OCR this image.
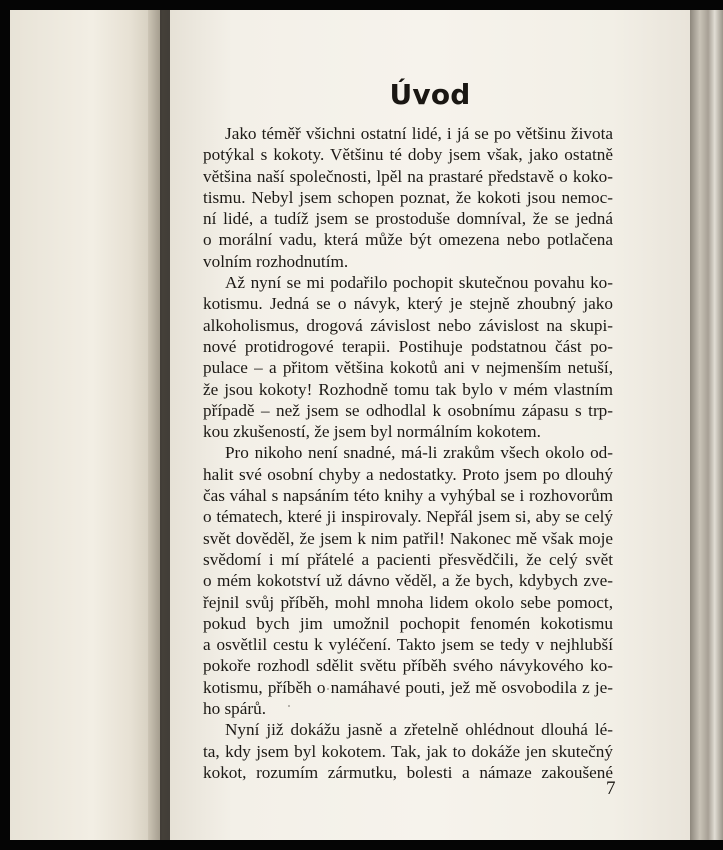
Úvod
Jako téměř všichni ostatní lidé, i já se po většinu života
potýkal s kokoty. Většinu té doby jsem však, jako ostatně
většina naší společnosti, lpěl na prastaré představě o koko-
tismu. Nebyl jsem schopen poznat, že kokoti jsou nemoc-
ní lidé, a tudíž jsem se prostoduše domníval, že se jedná
o morální vadu, která může být omezena nebo potlačena
volním rozhodnutím.
Až nyní se mi podařilo pochopit skutečnou povahu ko-
kotismu. Jedná se o návyk, který je stejně zhoubný jako
alkoholismus, drogová závislost nebo závislost na skupi-
nové protidrogové terapii. Postihuje podstatnou část po-
pulace – a přitom většina kokotů ani v nejmenším netuší,
že jsou kokoty! Rozhodně tomu tak bylo v mém vlastním
případě – než jsem se odhodlal k osobnímu zápasu s trp-
kou zkušeností, že jsem byl normálním kokotem.
Pro nikoho není snadné, má-li zrakům všech okolo od-
halit své osobní chyby a nedostatky. Proto jsem po dlouhý
čas váhal s napsáním této knihy a vyhýbal se i rozhovorům
o tématech, které ji inspirovaly. Nepřál jsem si, aby se celý
svět dověděl, že jsem k nim patřil! Nakonec mě však moje
svědomí i mí přátelé a pacienti přesvědčili, že celý svět
o mém kokotství už dávno věděl, a že bych, kdybych zve-
řejnil svůj příběh, mohl mnoha lidem okolo sebe pomoct,
pokud bych jim umožnil pochopit fenomén kokotismu
a osvětlil cestu k vyléčení. Takto jsem se tedy v nejhlubší
pokoře rozhodl sdělit světu příběh svého návykového ko-
kotismu, příběh o namáhavé pouti, jež mě osvobodila z je-
ho spárů.
Nyní již dokážu jasně a zřetelně ohlédnout dlouhá lé-
ta, kdy jsem byl kokotem. Tak, jak to dokáže jen skutečný
kokot, rozumím zármutku, bolesti a námaze zakoušené
7
